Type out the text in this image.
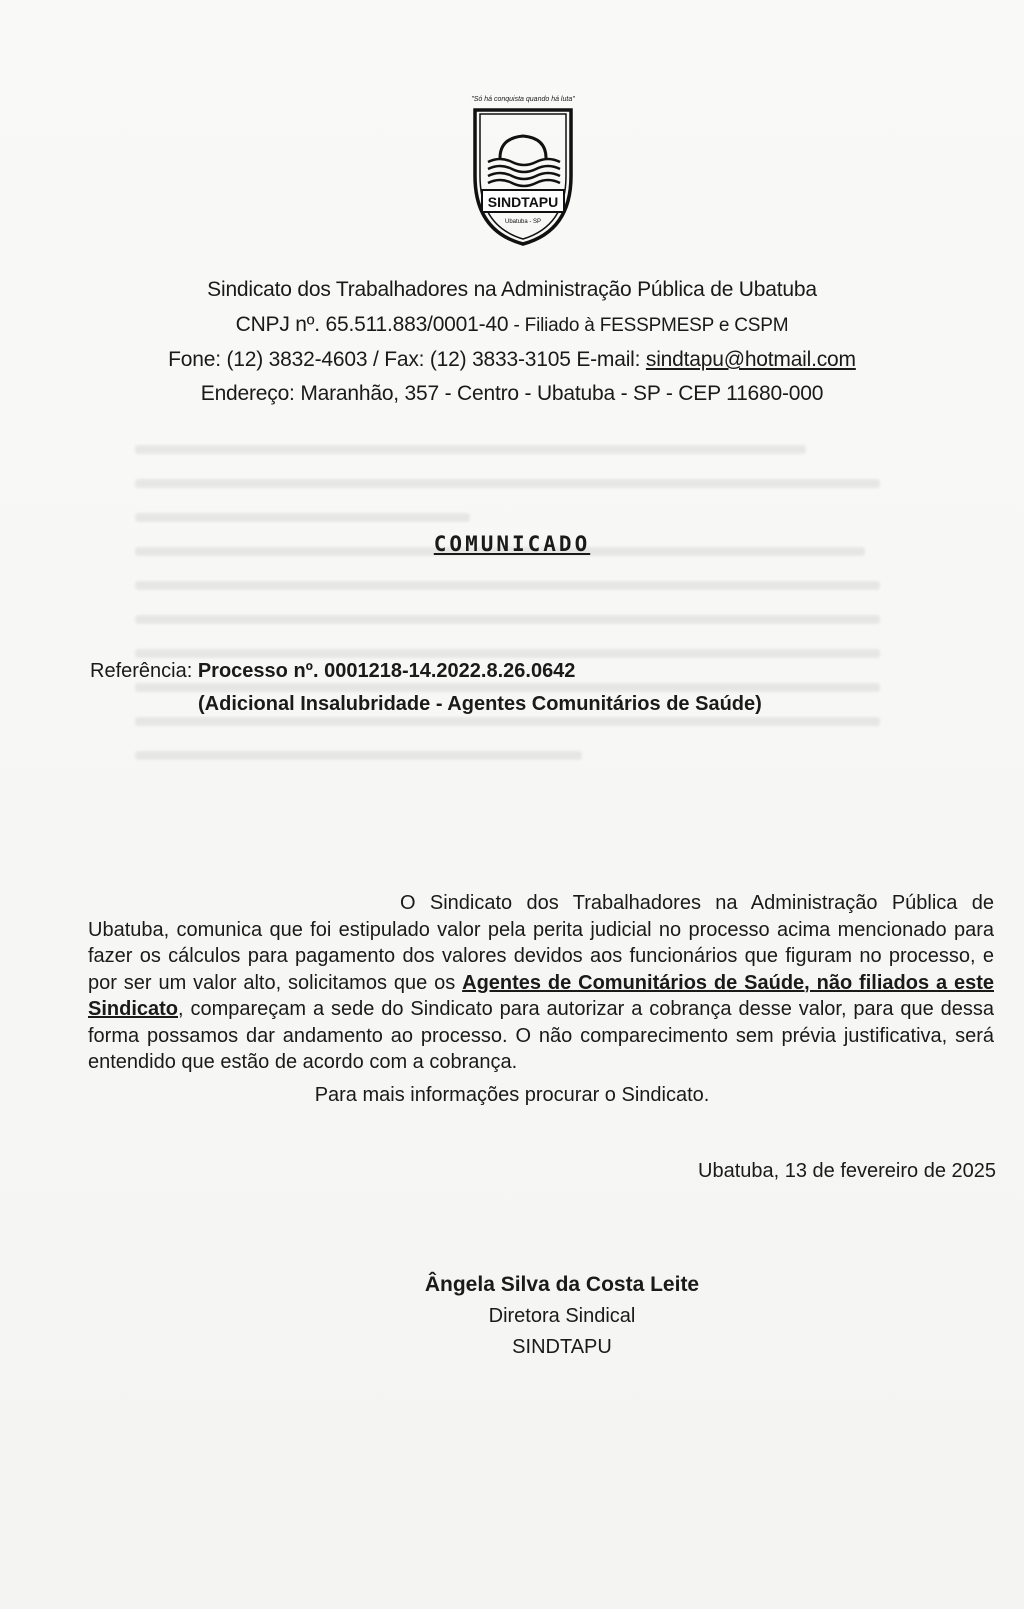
"Só há conquista quando há luta"
SINDTAPU
Ubatuba - SP
Sindicato dos Trabalhadores na Administração Pública de Ubatuba
CNPJ nº. 65.511.883/0001-40 - Filiado à FESSPMESP e CSPM
Fone: (12) 3832-4603 / Fax: (12) 3833-3105 E-mail: sindtapu@hotmail.com
Endereço: Maranhão, 357 - Centro - Ubatuba - SP - CEP 11680-000
COMUNICADO
Referência: Processo nº. 0001218-14.2022.8.26.0642
(Adicional Insalubridade - Agentes Comunitários de Saúde)

O Sindicato dos Trabalhadores na Administração Pública de Ubatuba, comunica que foi estipulado valor pela perita judicial no processo acima mencionado para fazer os cálculos para pagamento dos valores devidos aos funcionários que figuram no processo, e por ser um valor alto, solicitamos que os Agentes de Comunitários de Saúde, não filiados a este Sindicato, compareçam a sede do Sindicato para autorizar a cobrança desse valor, para que dessa forma possamos dar andamento ao processo. O não comparecimento sem prévia justificativa, será entendido que estão de acordo com a cobrança.

Para mais informações procurar o Sindicato.
Ubatuba, 13 de fevereiro de 2025
Ângela Silva da Costa Leite
Diretora Sindical
SINDTAPU
